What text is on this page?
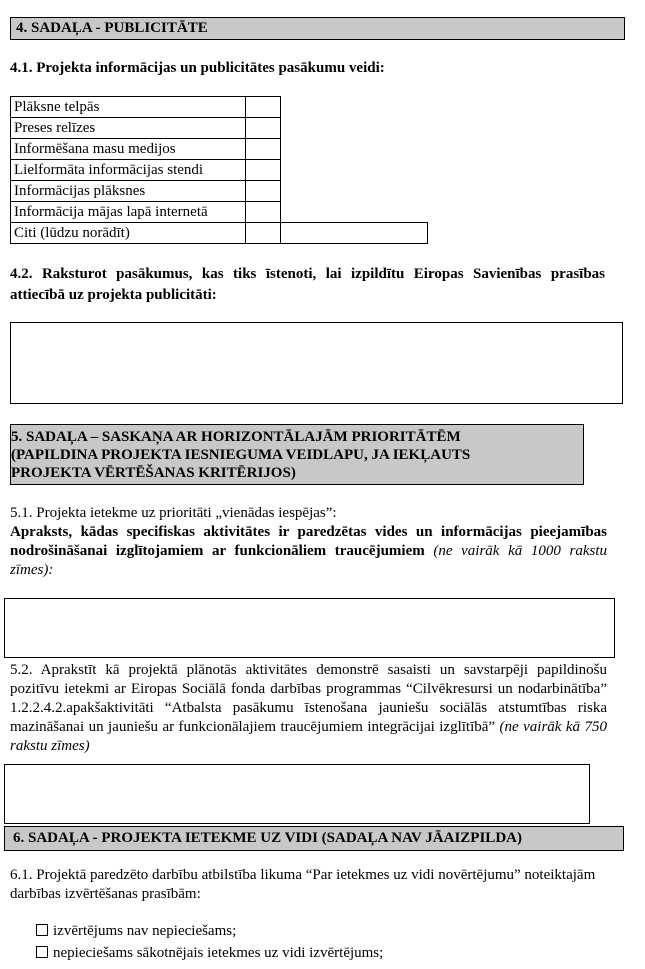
4. SADAĻA - PUBLICITĀTE
4.1. Projekta informācijas un publicitātes pasākumu veidi:
Plāksne telpās		
Preses relīzes		
Informēšana masu medijos		
Lielformāta informācijas stendi		
Informācijas plāksnes		
Informācija mājas lapā internetā		
Citi (lūdzu norādīt)		
4.2. Raksturot pasākumus, kas tiks īstenoti, lai izpildītu Eiropas Savienības prasības attiecībā uz projekta publicitāti:
5. SADAĻA – SASKAŅA AR HORIZONTĀLAJĀM PRIORITĀTĒM
(PAPILDINA PROJEKTA IESNIEGUMA VEIDLAPU, JA IEKĻAUTS
PROJEKTA VĒRTĒŠANAS KRITĒRIJOS)
5.1. Projekta ietekme uz prioritāti „vienādas iespējas”:
Apraksts, kādas specifiskas aktivitātes ir paredzētas vides un informācijas pieejamības nodrošināšanai izglītojamiem ar funkcionāliem traucējumiem (ne vairāk kā 1000 rakstu zīmes):
5.2. Aprakstīt kā projektā plānotās aktivitātes demonstrē sasaisti un savstarpēji papildinošu pozitīvu ietekmi ar Eiropas Sociālā fonda darbības programmas “Cilvēkresursi un nodarbinātība” 1.2.2.4.2.apakšaktivitāti “Atbalsta pasākumu īstenošana jauniešu sociālās atstumtības riska mazināšanai un jauniešu ar funkcionālajiem traucējumiem integrācijai izglītībā” (ne vairāk kā 750 rakstu zīmes)
6. SADAĻA - PROJEKTA IETEKME UZ VIDI (SADAĻA NAV JĀAIZPILDA)
6.1. Projektā paredzēto darbību atbilstība likuma “Par ietekmes uz vidi novērtējumu” noteiktajām darbības izvērtēšanas prasībām:
izvērtējums nav nepieciešams;
nepieciešams sākotnējais ietekmes uz vidi izvērtējums;
